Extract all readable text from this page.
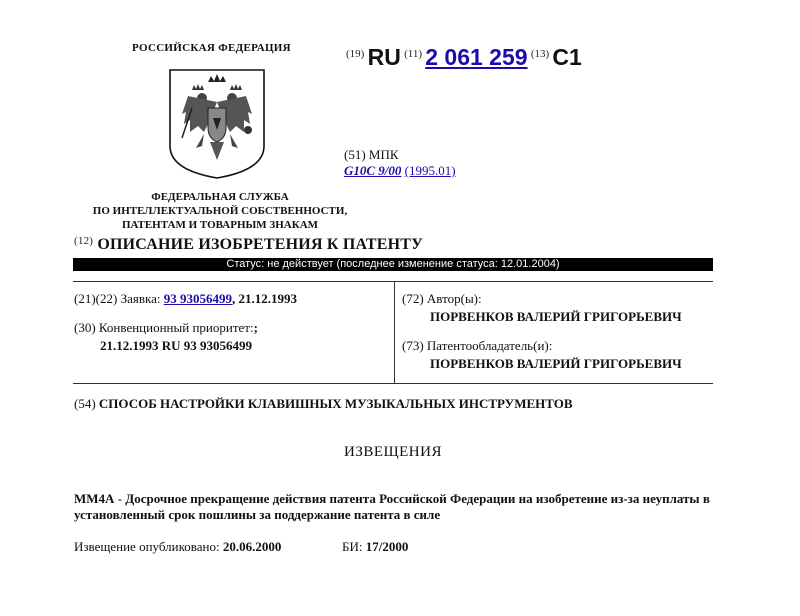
РОССИЙСКАЯ ФЕДЕРАЦИЯ
ФЕДЕРАЛЬНАЯ СЛУЖБА
ПО ИНТЕЛЛЕКТУАЛЬНОЙ СОБСТВЕННОСТИ,
ПАТЕНТАМ И ТОВАРНЫМ ЗНАКАМ
$^{(19)}$ RU $^{(11)}$ 2 061 259 $^{(13)}$ C1
(51) МПК
G10C 9/00 (1995.01)
$^{(12)}$ ОПИСАНИЕ ИЗОБРЕТЕНИЯ К ПАТЕНТУ
Статус: не действует (последнее изменение статуса: 12.01.2004)
(21)(22) Заявка: 93 93056499, 21.12.1993
(30) Конвенционный приоритет:;
21.12.1993 RU 93 93056499
(72) Автор(ы):
ПОРВЕНКОВ ВАЛЕРИЙ ГРИГОРЬЕВИЧ
(73) Патентообладатель(и):
ПОРВЕНКОВ ВАЛЕРИЙ ГРИГОРЬЕВИЧ
(54) СПОСОБ НАСТРОЙКИ КЛАВИШНЫХ МУЗЫКАЛЬНЫХ ИНСТРУМЕНТОВ
ИЗВЕЩЕНИЯ
MM4A - Досрочное прекращение действия патента Российской Федерации на изобретение из-за неуплаты в установленный срок пошлины за поддержание патента в силе
Извещение опубликовано: 20.06.2000	БИ: 17/2000
